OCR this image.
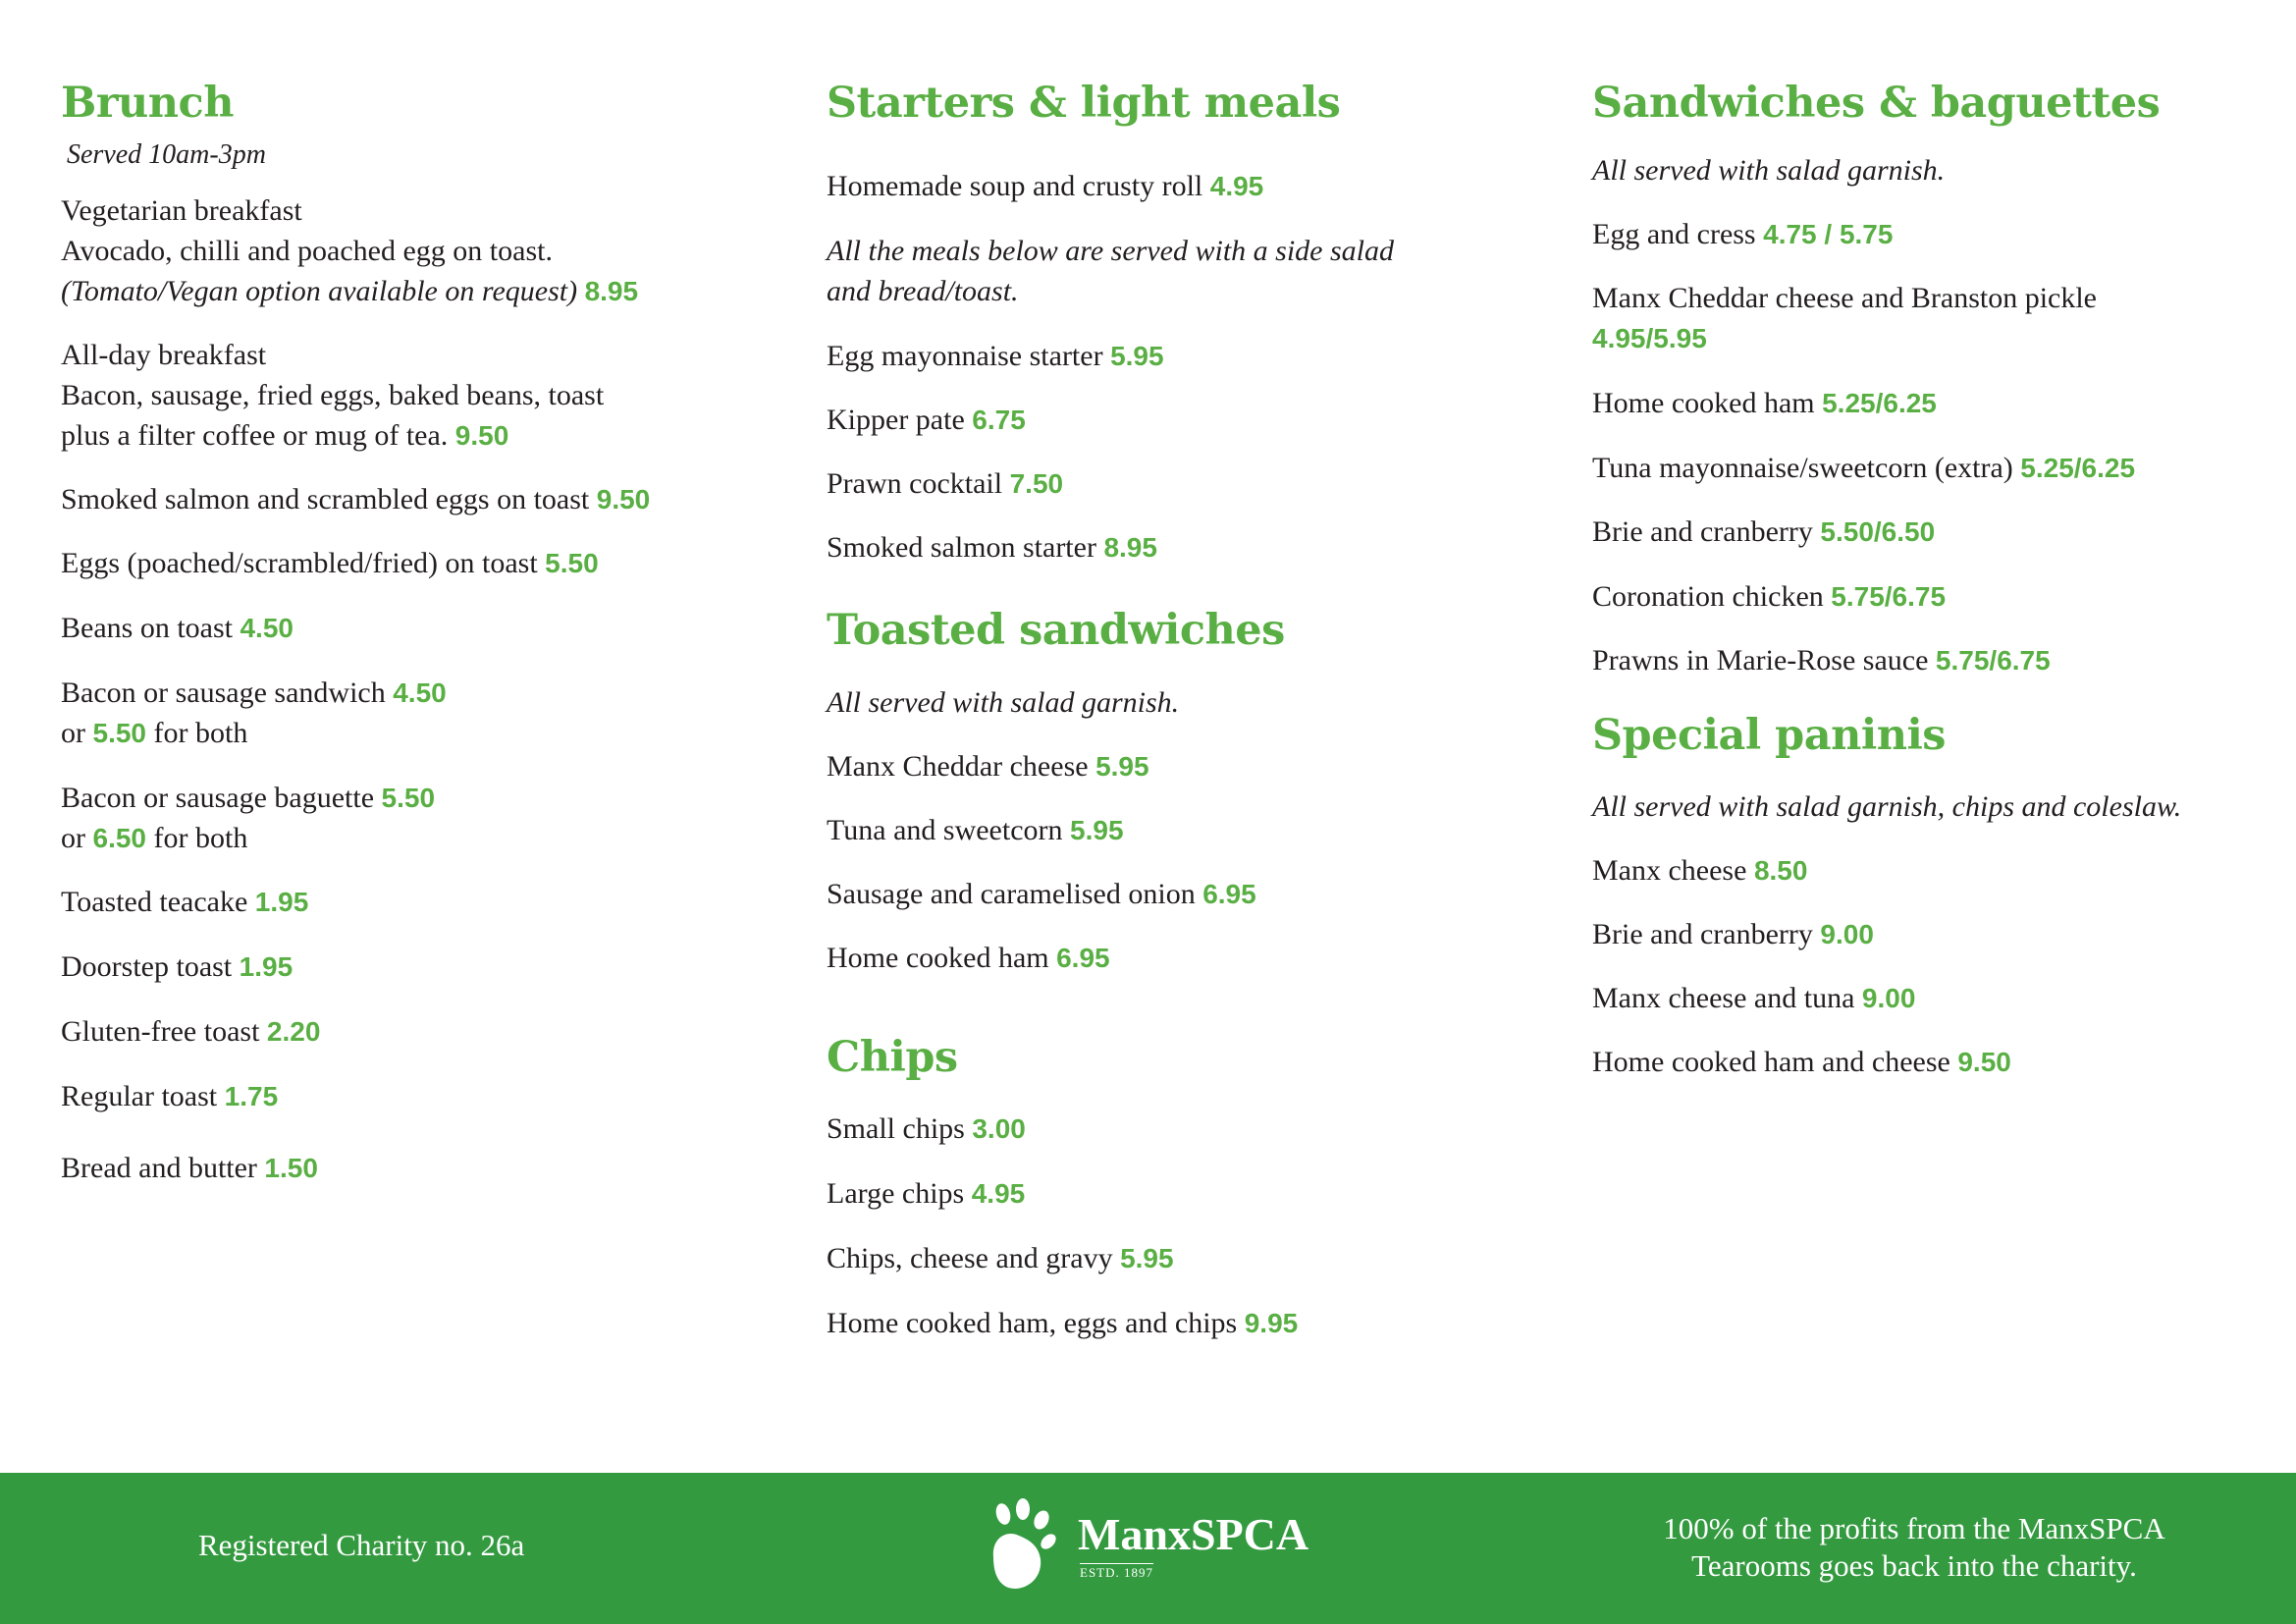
Brunch

Served 10am-3pm

Vegetarian breakfast

Avocado, chilli and poached egg on toast.

(Tomato/Vegan option available on request) 8.95

All-day breakfast

Bacon, sausage, fried eggs, baked beans, toast

plus a filter coffee or mug of tea. 9.50

Smoked salmon and scrambled eggs on toast 9.50

Eggs (poached/scrambled/fried) on toast 5.50

Beans on toast 4.50

Bacon or sausage sandwich 4.50

or 5.50 for both

Bacon or sausage baguette 5.50

or 6.50 for both

Toasted teacake 1.95

Doorstep toast 1.95

Gluten-free toast 2.20

Regular toast 1.75

Bread and butter 1.50

Starters & light meals

Homemade soup and crusty roll 4.95

All the meals below are served with a side salad

and bread/toast.

Egg mayonnaise starter 5.95

Kipper pate 6.75

Prawn cocktail 7.50

Smoked salmon starter 8.95

Toasted sandwiches

All served with salad garnish.

Manx Cheddar cheese 5.95

Tuna and sweetcorn 5.95

Sausage and caramelised onion 6.95

Home cooked ham 6.95

Chips

Small chips 3.00

Large chips 4.95

Chips, cheese and gravy 5.95

Home cooked ham, eggs and chips 9.95

Sandwiches & baguettes

All served with salad garnish.

Egg and cress 4.75 / 5.75

Manx Cheddar cheese and Branston pickle

4.95/5.95

Home cooked ham 5.25/6.25

Tuna mayonnaise/sweetcorn (extra) 5.25/6.25

Brie and cranberry 5.50/6.50

Coronation chicken 5.75/6.75

Prawns in Marie-Rose sauce 5.75/6.75

Special paninis

All served with salad garnish, chips and coleslaw.

Manx cheese 8.50

Brie and cranberry 9.00

Manx cheese and tuna 9.00

Home cooked ham and cheese 9.50

Registered Charity no. 26a	ManxSPCA
ESTD. 1897
100% of the profits from the ManxSPCA
Tearooms goes back into the charity.
